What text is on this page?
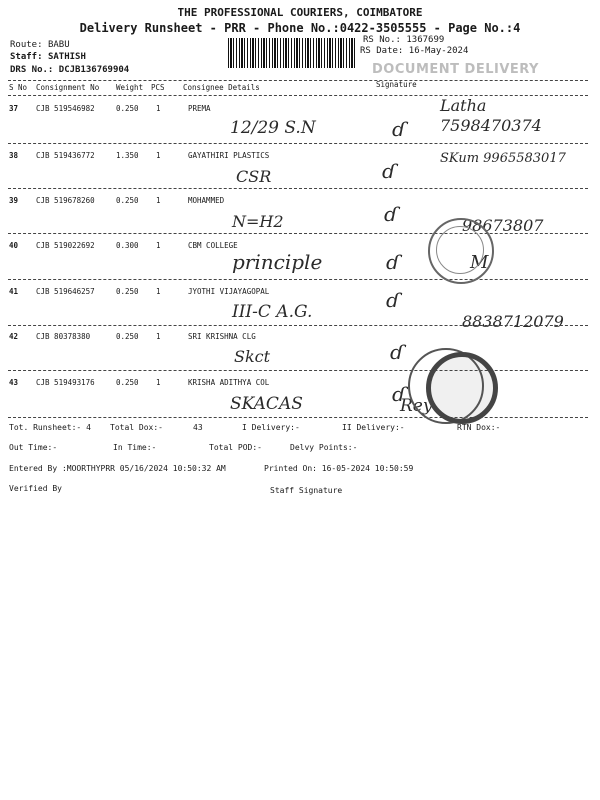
THE PROFESSIONAL COURIERS, COIMBATORE
Delivery Runsheet - PRR - Phone No.:0422-3505555 - Page No.:4
Route: BABU
Staff: SATHISH
DRS No.: DCJB136769904
RS No.: 1367699
RS Date: 16-May-2024
DOCUMENT DELIVERY
S No Consignment No Weight PCS Consignee Details	Signature
37 CJB 519546982	0.250 1	PREMA
12/29 S.N	ɗ
Latha 7598470374
38 CJB 519436772	1.350 1	GAYATHIRI PLASTICS
CSR	ɗ
SKum 9965583017
39 CJB 519678260	0.250 1	MOHAMMED
N=H2	ɗ	98673807
40 CJB 519022692	0.300 1	CBM COLLEGE
principle	ɗ	M
41 CJB 519646257	0.250 1	JYOTHI VIJAYAGOPAL
III-C A.G.	ɗ
8838712079
42 CJB 80378380	0.250 1	SRI KRISHNA CLG
Skct	ɗ
43 CJB 519493176	0.250 1	KRISHA ADITHYA COL
SKACAS	ɗ
Rey
Tot. Runsheet:- 4 Total Dox:-	43	I Delivery:-	II Delivery:-	RTN Dox:-
Out Time:-	In Time:-	Total POD:-	Delvy Points:-
Entered By :MOORTHYPRR 05/16/2024 10:50:32 AM	Printed On: 16-05-2024 10:50:59
Verified By	Staff Signature
